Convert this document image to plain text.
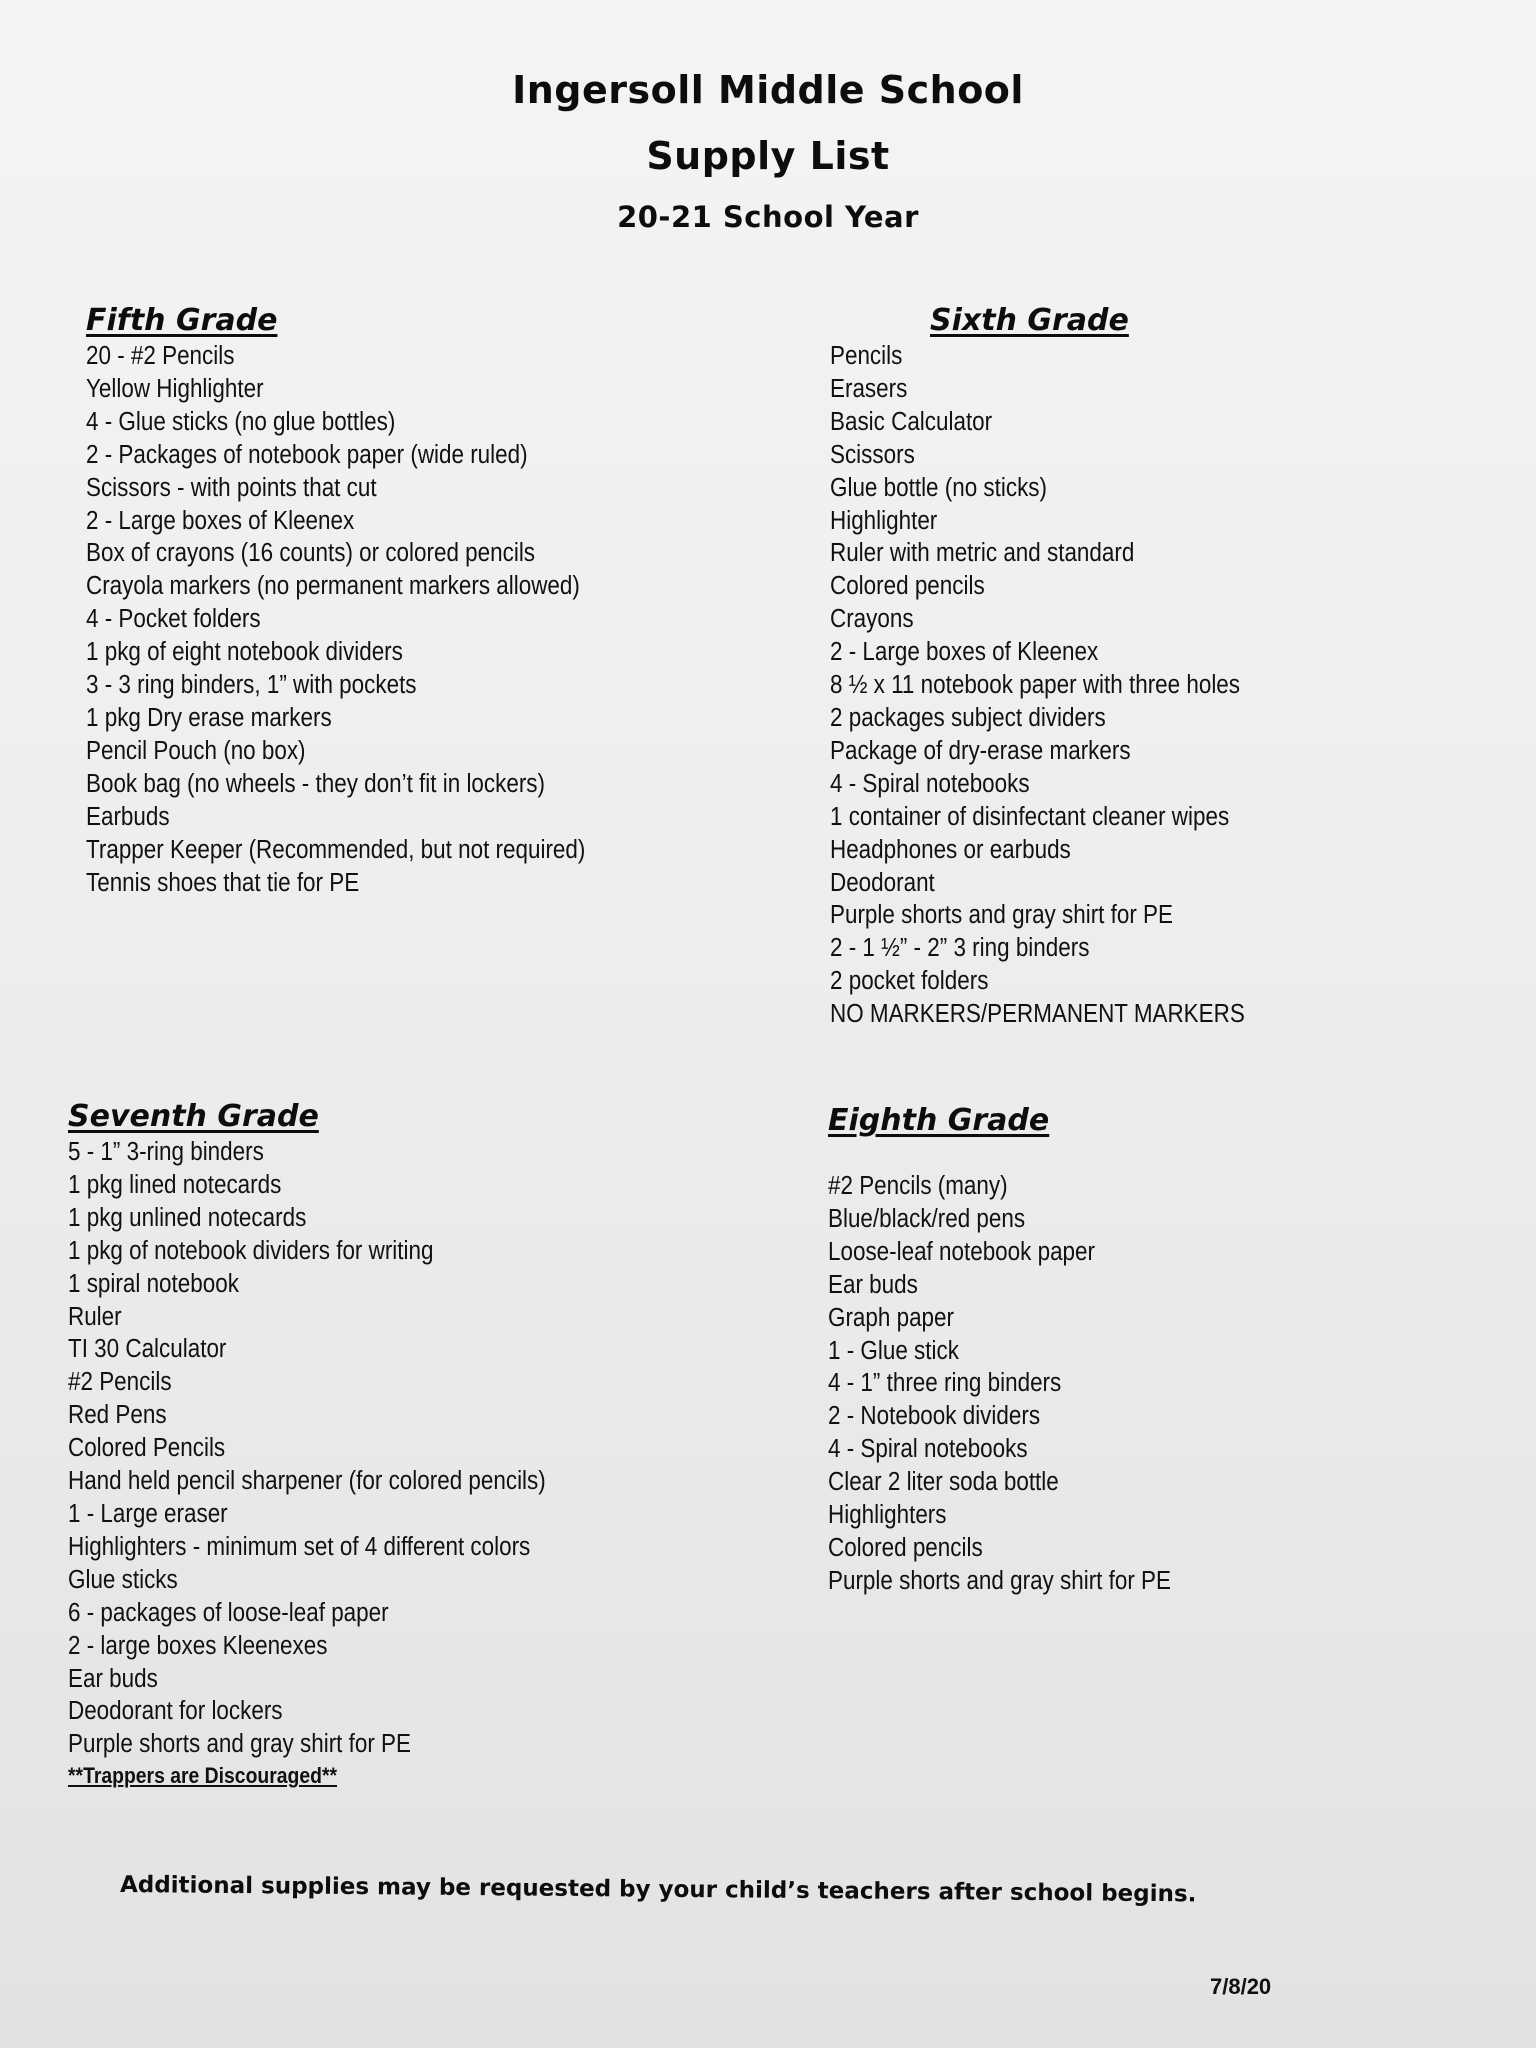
Ingersoll Middle School
Supply List
20-21 School Year
Fifth Grade
20 - #2 Pencils
Yellow Highlighter
4 - Glue sticks (no glue bottles)
2 - Packages of notebook paper (wide ruled)
Scissors - with points that cut
2 - Large boxes of Kleenex
Box of crayons (16 counts) or colored pencils
Crayola markers (no permanent markers allowed)
4 - Pocket folders
1 pkg of eight notebook dividers
3 - 3 ring binders, 1” with pockets
1 pkg Dry erase markers
Pencil Pouch (no box)
Book bag (no wheels - they don’t fit in lockers)
Earbuds
Trapper Keeper (Recommended, but not required)
Tennis shoes that tie for PE
Sixth Grade
Pencils
Erasers
Basic Calculator
Scissors
Glue bottle (no sticks)
Highlighter
Ruler with metric and standard
Colored pencils
Crayons
2 - Large boxes of Kleenex
8 ½ x 11 notebook paper with three holes
2 packages subject dividers
Package of dry-erase markers
4 - Spiral notebooks
1 container of disinfectant cleaner wipes
Headphones or earbuds
Deodorant
Purple shorts and gray shirt for PE
2 - 1 ½” - 2” 3 ring binders
2 pocket folders
NO MARKERS/PERMANENT MARKERS
Seventh Grade
5 - 1” 3-ring binders
1 pkg lined notecards
1 pkg unlined notecards
1 pkg of notebook dividers for writing
1 spiral notebook
Ruler
TI 30 Calculator
#2 Pencils
Red Pens
Colored Pencils
Hand held pencil sharpener (for colored pencils)
1 - Large eraser
Highlighters - minimum set of 4 different colors
Glue sticks
6 - packages of loose-leaf paper
2 - large boxes Kleenexes
Ear buds
Deodorant for lockers
Purple shorts and gray shirt for PE
**Trappers are Discouraged**
Eighth Grade
#2 Pencils (many)
Blue/black/red pens
Loose-leaf notebook paper
Ear buds
Graph paper
1 - Glue stick
4 - 1” three ring binders
2 - Notebook dividers
4 - Spiral notebooks
Clear 2 liter soda bottle
Highlighters
Colored pencils
Purple shorts and gray shirt for PE
Additional supplies may be requested by your child’s teachers after school begins.
7/8/20
